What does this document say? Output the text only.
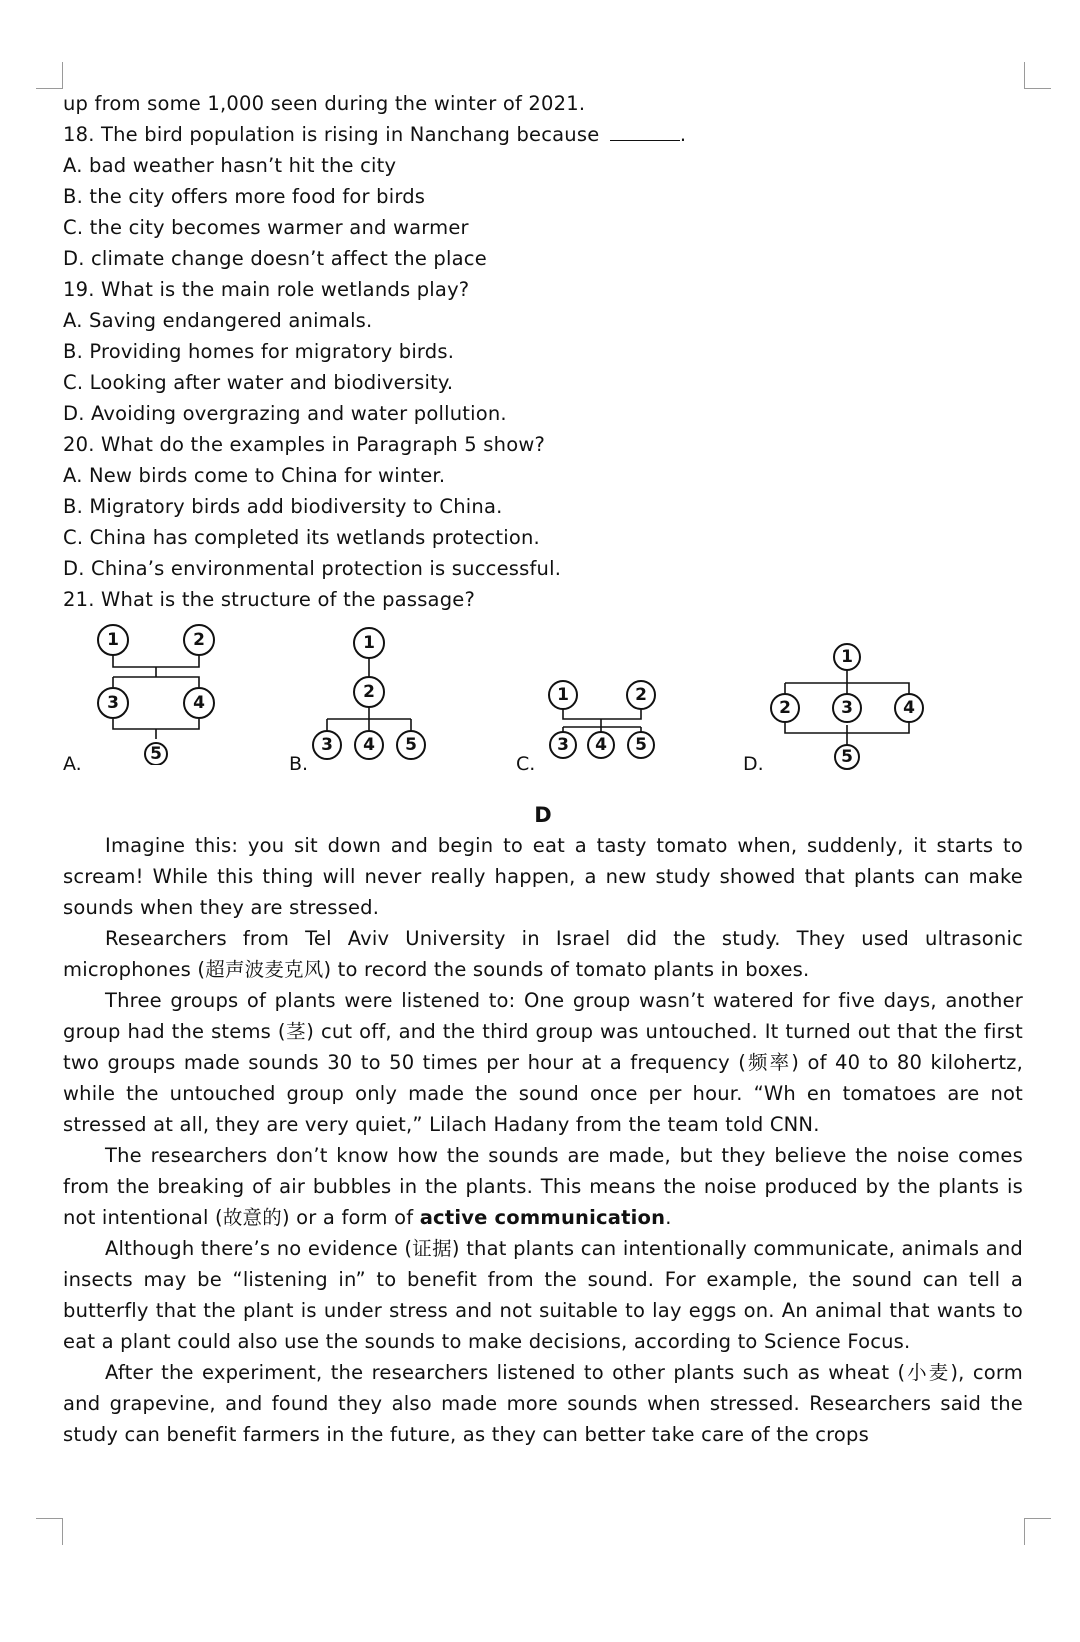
up from some 1,000 seen during the winter of 2021.
18. The bird population is rising in Nanchang because	.
A. bad weather hasn’t hit the city
B. the city offers more food for birds
C. the city becomes warmer and warmer
D. climate change doesn’t affect the place
19. What is the main role wetlands play?
A. Saving endangered animals.
B. Providing homes for migratory birds.
C. Looking after water and biodiversity.
D. Avoiding overgrazing and water pollution.
20. What do the examples in Paragraph 5 show?
A. New birds come to China for winter.
B. Migratory birds add biodiversity to China.
C. China has completed its wetlands protection.
D. China’s environmental protection is successful.
21. What is the structure of the passage?
1	2
3	4
5
A.
1
2
3 4 5
B.
1	2
3 4 5
C.
1
2	3	4
5
D.
D

Imagine this: you sit down and begin to eat a tasty tomato when, suddenly, it starts to scream! While this thing will never really happen, a new study showed that plants can make sounds when they are stressed.

Researchers from Tel Aviv University in Israel did the study. They used ultrasonic microphones (超声波麦克风) to record the sounds of tomato plants in boxes.

Three groups of plants were listened to: One group wasn’t watered for five days, another group had the stems (茎) cut off, and the third group was untouched. It turned out that the first two groups made sounds 30 to 50 times per hour at a frequency (频率) of 40 to 80 kilohertz, while the untouched group only made the sound once per hour. “Wh en tomatoes are not stressed at all, they are very quiet,” Lilach Hadany from the team told CNN.

The researchers don’t know how the sounds are made, but they believe the noise comes from the breaking of air bubbles in the plants. This means the noise produced by the plants is not intentional (故意的) or a form of active communication.

Although there’s no evidence (证据) that plants can intentionally communicate, animals and insects may be “listening in” to benefit from the sound. For example, the sound can tell a butterfly that the plant is under stress and not suitable to lay eggs on. An animal that wants to eat a plant could also use the sounds to make decisions, according to Science Focus.

After the experiment, the researchers listened to other plants such as wheat (小麦), corm and grapevine, and found they also made more sounds when stressed. Researchers said the study can benefit farmers in the future, as they can better take care of the crops
